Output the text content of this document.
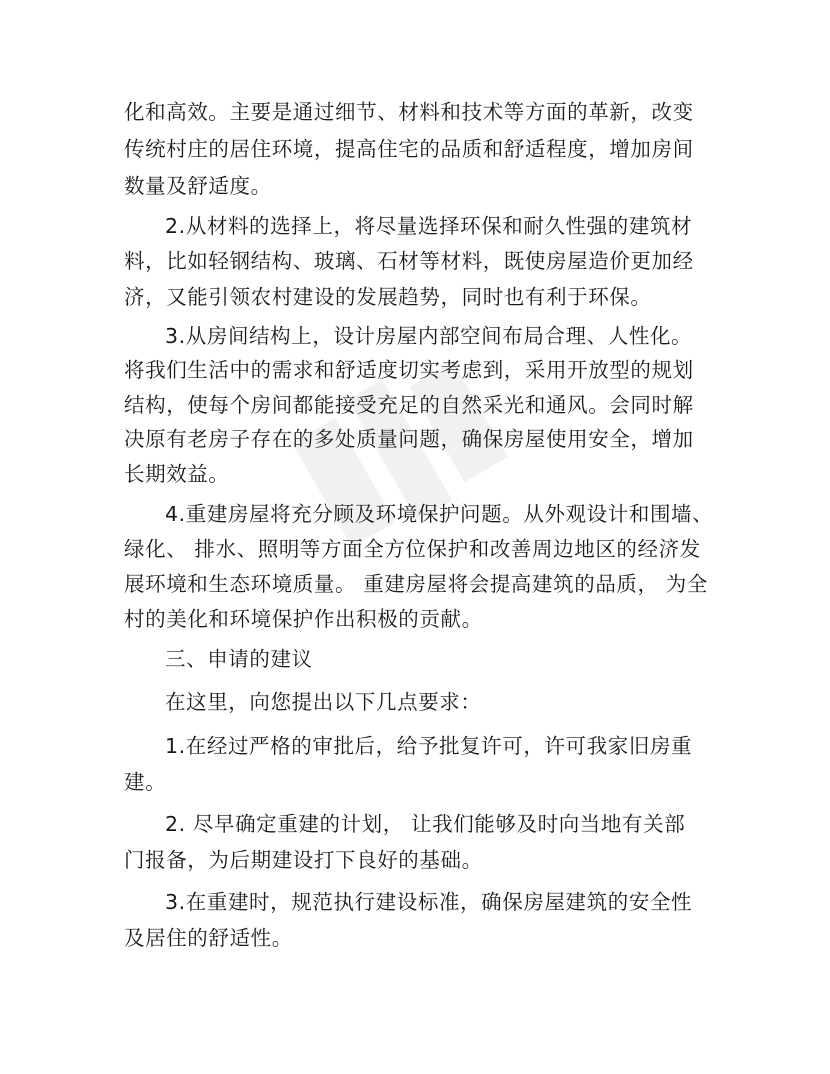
化和高效。主要是通过细节、材料和技术等方面的革新，改变
传统村庄的居住环境，提高住宅的品质和舒适程度，增加房间
数量及舒适度。
2.从材料的选择上，将尽量选择环保和耐久性强的建筑材
料，比如轻钢结构、玻璃、石材等材料，既使房屋造价更加经
济，又能引领农村建设的发展趋势，同时也有利于环保。
3.从房间结构上，设计房屋内部空间布局合理、人性化。
将我们生活中的需求和舒适度切实考虑到，采用开放型的规划
结构，使每个房间都能接受充足的自然采光和通风。会同时解
决原有老房子存在的多处质量问题，确保房屋使用安全，增加
长期效益。
4.重建房屋将充分顾及环境保护问题。从外观设计和围墙、
绿化、 排水、照明等方面全方位保护和改善周边地区的经济发
展环境和生态环境质量。 重建房屋将会提高建筑的品质， 为全
村的美化和环境保护作出积极的贡献。
三、申请的建议
在这里，向您提出以下几点要求：
1.在经过严格的审批后，给予批复许可，许可我家旧房重
建。
2. 尽早确定重建的计划， 让我们能够及时向当地有关部
门报备，为后期建设打下良好的基础。
3.在重建时，规范执行建设标准，确保房屋建筑的安全性
及居住的舒适性。
